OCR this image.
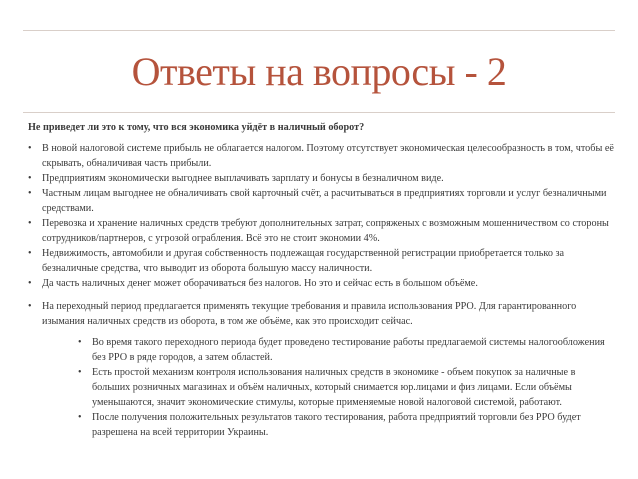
Ответы на вопросы - 2
Не приведет ли это к тому, что вся экономика уйдёт в наличный оборот?
• В новой налоговой системе прибыль не облагается налогом. Поэтому отсутствует экономическая целесообразность в том, чтобы её скрывать, обналичивая часть прибыли.
• Предприятиям экономически выгоднее выплачивать зарплату и бонусы в безналичном виде.
• Частным лицам выгоднее не обналичивать свой карточный счёт, а расчитываться в предприятиях торговли и услуг безналичными средствами.
• Перевозка и хранение наличных средств требуют дополнительных затрат, сопряженых с возможным мошенничеством со стороны сотрудников/партнеров, с угрозой ограбления. Всё это не стоит экономии 4%.
• Недвижимость, автомобили и другая собственность подлежащая государственной регистрации приобретается только за безналичные средства, что выводит из оборота большую массу наличности.
• Да часть наличных денег может оборачиваться без налогов. Но это и сейчас есть в большом объёме.
• На переходный период предлагается применять текущие требования и правила использования РРО. Для гарантированного изымания наличных средств из оборота, в том же объёме, как это происходит сейчас.
• Во время такого переходного периода будет проведено тестирование работы предлагаемой системы налогообложения без РРО в ряде городов, а затем областей.
• Есть простой механизм контроля использования наличных средств в экономике - объем покупок за наличные в больших розничных магазинах и объём наличных, который снимается юр.лицами и физ лицами. Если объёмы уменьшаются, значит экономические стимулы, которые применяемые новой налоговой системой, работают.
• После получения положительных результатов такого тестирования, работа предприятий торговли без РРО будет разрешена на всей территории Украины.
